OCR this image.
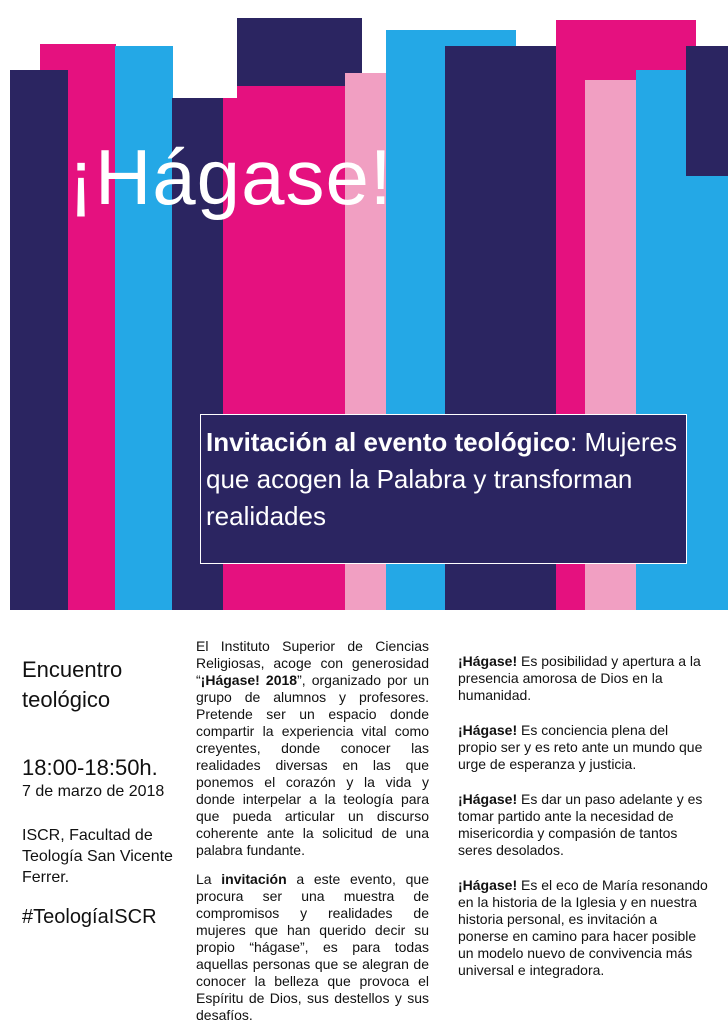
¡Hágase!
Invitación al evento teológico: Mujeres que acogen la Palabra y transforman realidades
Encuentro teológico
18:00-18:50h.
7 de marzo de 2018
ISCR, Facultad de Teología San Vicente Ferrer.
#TeologíaISCR

El Instituto Superior de Ciencias Religiosas, acoge con generosidad “¡Hágase! 2018”, organizado por un grupo de alumnos y profesores. Pretende ser un espacio donde compartir la experiencia vital como creyentes, donde conocer las realidades diversas en las que ponemos el corazón y la vida y donde interpelar a la teología para que pueda articular un discurso coherente ante la solicitud de una palabra fundante.

La invitación a este evento, que procura ser una muestra de compromisos y realidades de mujeres que han querido decir su propio “hágase”, es para todas aquellas personas que se alegran de conocer la belleza que provoca el Espíritu de Dios, sus destellos y sus desafíos.

¡Hágase! Es posibilidad y apertura a la presencia amorosa de Dios en la humanidad.

¡Hágase! Es conciencia plena del propio ser y es reto ante un mundo que urge de esperanza y justicia.

¡Hágase! Es dar un paso adelante y es tomar partido ante la necesidad de misericordia y compasión de tantos seres desolados.

¡Hágase! Es el eco de María resonando en la historia de la Iglesia y en nuestra historia personal, es invitación a ponerse en camino para hacer posible un modelo nuevo de convivencia más universal e integradora.
